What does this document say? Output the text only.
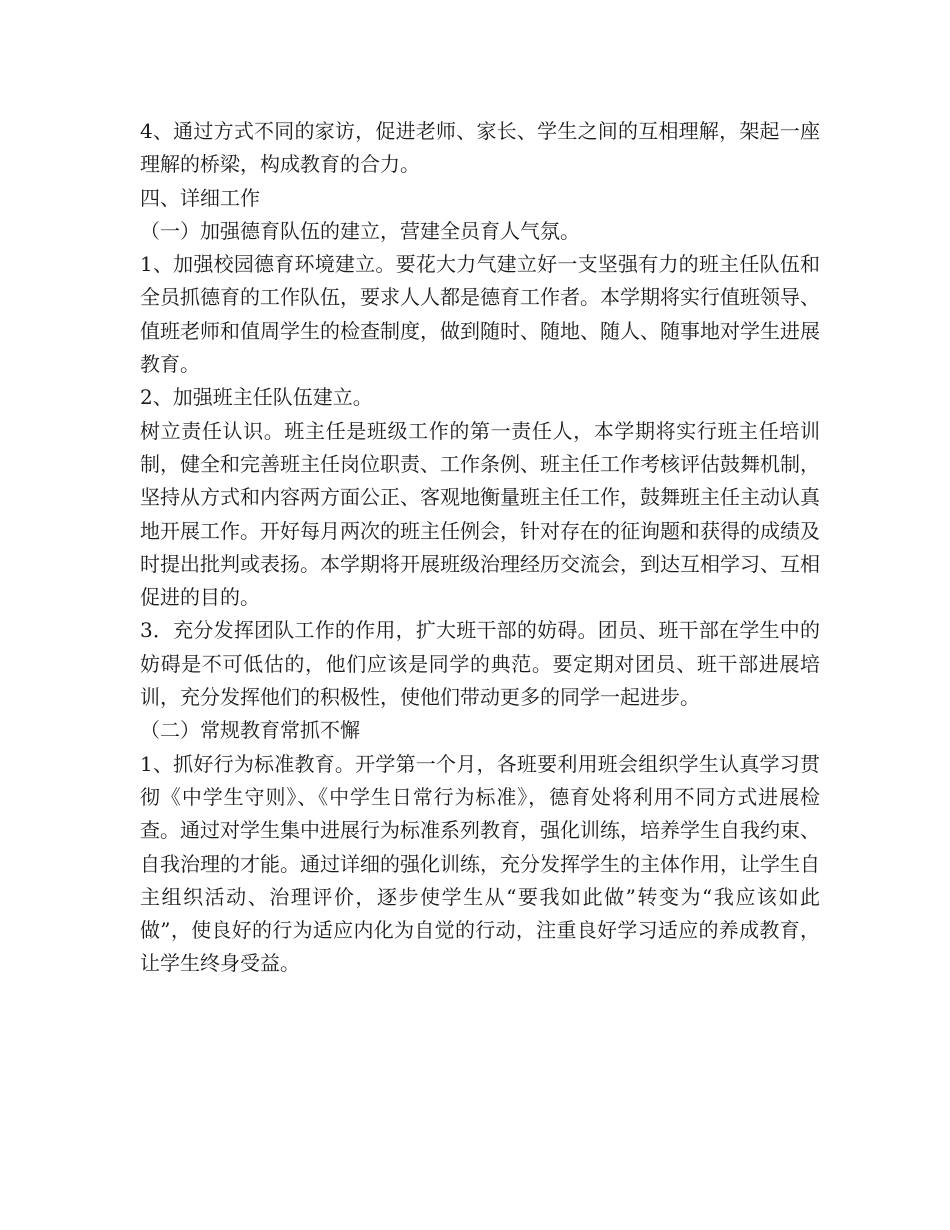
4、通过方式不同的家访，促进老师、家长、学生之间的互相理解，架起一座理解的桥梁，构成教育的合力。

四、详细工作

（一）加强德育队伍的建立，营建全员育人气氛。

1、加强校园德育环境建立。要花大力气建立好一支坚强有力的班主任队伍和全员抓德育的工作队伍，要求人人都是德育工作者。本学期将实行值班领导、值班老师和值周学生的检查制度，做到随时、随地、随人、随事地对学生进展教育。

2、加强班主任队伍建立。

树立责任认识。班主任是班级工作的第一责任人，本学期将实行班主任培训制，健全和完善班主任岗位职责、工作条例、班主任工作考核评估鼓舞机制，坚持从方式和内容两方面公正、客观地衡量班主任工作，鼓舞班主任主动认真地开展工作。开好每月两次的班主任例会，针对存在的征询题和获得的成绩及时提出批判或表扬。本学期将开展班级治理经历交流会，到达互相学习、互相促进的目的。

3．充分发挥团队工作的作用，扩大班干部的妨碍。团员、班干部在学生中的妨碍是不可低估的，他们应该是同学的典范。要定期对团员、班干部进展培训，充分发挥他们的积极性，使他们带动更多的同学一起进步。

（二）常规教育常抓不懈

1、抓好行为标准教育。开学第一个月，各班要利用班会组织学生认真学习贯彻《中学生守则》、《中学生日常行为标准》，德育处将利用不同方式进展检查。通过对学生集中进展行为标准系列教育，强化训练，培养学生自我约束、自我治理的才能。通过详细的强化训练，充分发挥学生的主体作用，让学生自主组织活动、治理评价，逐步使学生从“要我如此做”转变为“我应该如此做”，使良好的行为适应内化为自觉的行动，注重良好学习适应的养成教育，让学生终身受益。
